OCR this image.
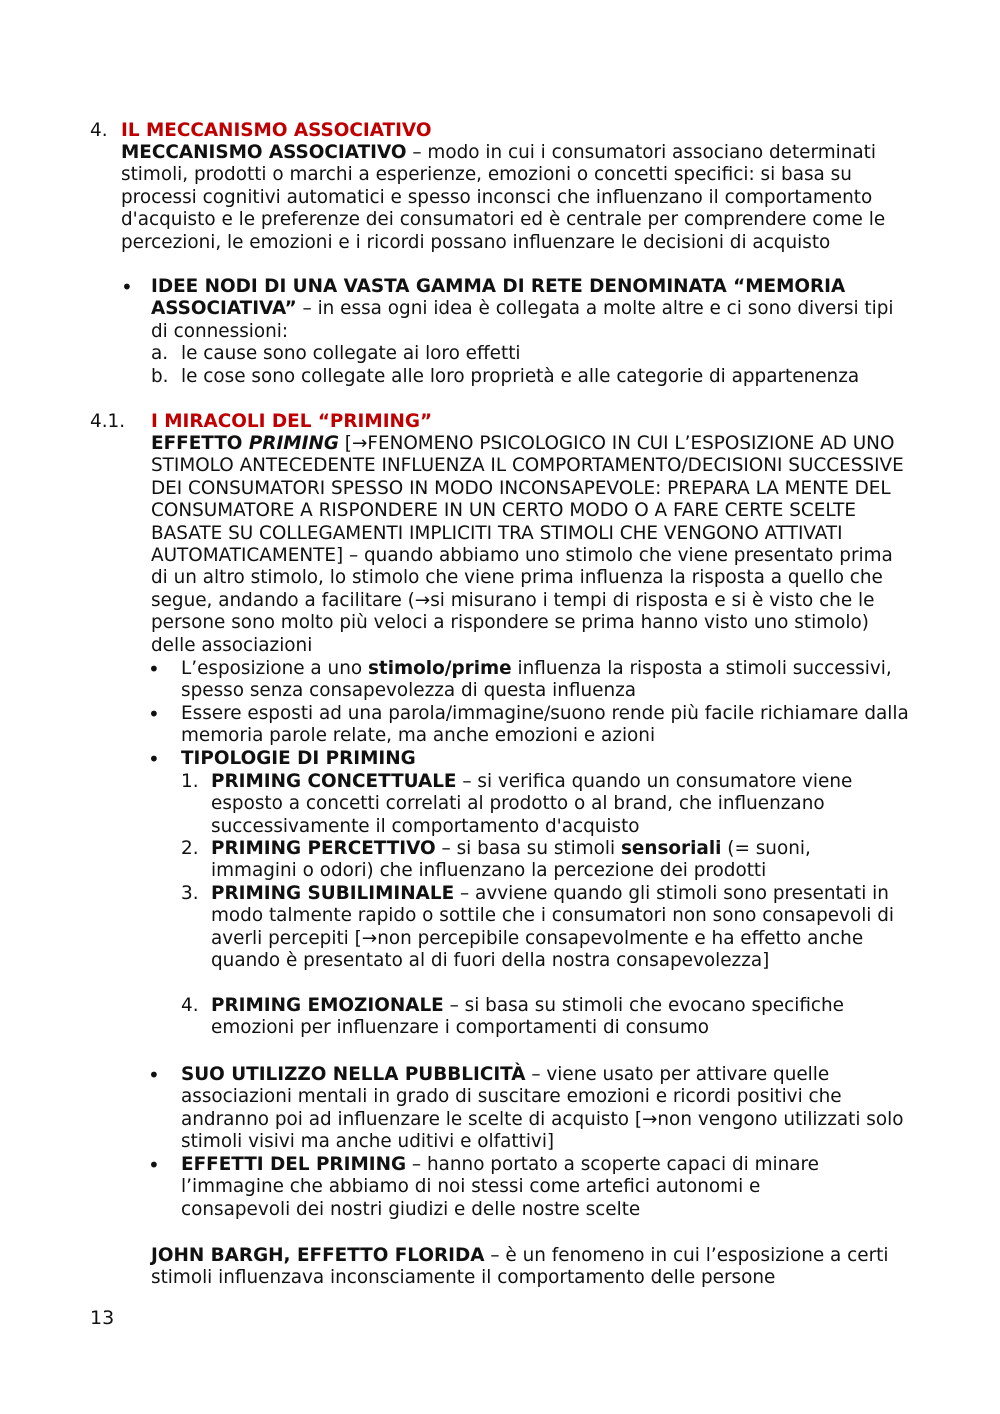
4. IL MECCANISMO ASSOCIATIVO
MECCANISMO ASSOCIATIVO – modo in cui i consumatori associano determinati stimoli, prodotti o marchi a esperienze, emozioni o concetti specifici: si basa su processi cognitivi automatici e spesso inconsci che influenzano il comportamento d'acquisto e le preferenze dei consumatori ed è centrale per comprendere come le percezioni, le emozioni e i ricordi possano influenzare le decisioni di acquisto
• IDEE NODI DI UNA VASTA GAMMA DI RETE DENOMINATA “MEMORIA ASSOCIATIVA” – in essa ogni idea è collegata a molte altre e ci sono diversi tipi di connessioni:
a. le cause sono collegate ai loro effetti
b. le cose sono collegate alle loro proprietà e alle categorie di appartenenza
4.1. I MIRACOLI DEL “PRIMING”
EFFETTO PRIMING [→FENOMENO PSICOLOGICO IN CUI L’ESPOSIZIONE AD UNO STIMOLO ANTECEDENTE INFLUENZA IL COMPORTAMENTO/DECISIONI SUCCESSIVE DEI CONSUMATORI SPESSO IN MODO INCONSAPEVOLE: PREPARA LA MENTE DEL CONSUMATORE A RISPONDERE IN UN CERTO MODO O A FARE CERTE SCELTE BASATE SU COLLEGAMENTI IMPLICITI TRA STIMOLI CHE VENGONO ATTIVATI AUTOMATICAMENTE] – quando abbiamo uno stimolo che viene presentato prima di un altro stimolo, lo stimolo che viene prima influenza la risposta a quello che segue, andando a facilitare (→si misurano i tempi di risposta e si è visto che le persone sono molto più veloci a rispondere se prima hanno visto uno stimolo) delle associazioni
• L’esposizione a uno stimolo/prime influenza la risposta a stimoli successivi, spesso senza consapevolezza di questa influenza
• Essere esposti ad una parola/immagine/suono rende più facile richiamare dalla memoria parole relate, ma anche emozioni e azioni
• TIPOLOGIE DI PRIMING
1. PRIMING CONCETTUALE – si verifica quando un consumatore viene esposto a concetti correlati al prodotto o al brand, che influenzano successivamente il comportamento d'acquisto
2. PRIMING PERCETTIVO – si basa su stimoli sensoriali (= suoni, immagini o odori) che influenzano la percezione dei prodotti
3. PRIMING SUBILIMINALE – avviene quando gli stimoli sono presentati in modo talmente rapido o sottile che i consumatori non sono consapevoli di averli percepiti [→non percepibile consapevolmente e ha effetto anche quando è presentato al di fuori della nostra consapevolezza]
4. PRIMING EMOZIONALE – si basa su stimoli che evocano specifiche emozioni per influenzare i comportamenti di consumo
• SUO UTILIZZO NELLA PUBBLICITÀ – viene usato per attivare quelle associazioni mentali in grado di suscitare emozioni e ricordi positivi che andranno poi ad influenzare le scelte di acquisto [→non vengono utilizzati solo stimoli visivi ma anche uditivi e olfattivi]
• EFFETTI DEL PRIMING – hanno portato a scoperte capaci di minare l’immagine che abbiamo di noi stessi come artefici autonomi e consapevoli dei nostri giudizi e delle nostre scelte
JOHN BARGH, EFFETTO FLORIDA – è un fenomeno in cui l’esposizione a certi stimoli influenzava inconsciamente il comportamento delle persone
13
